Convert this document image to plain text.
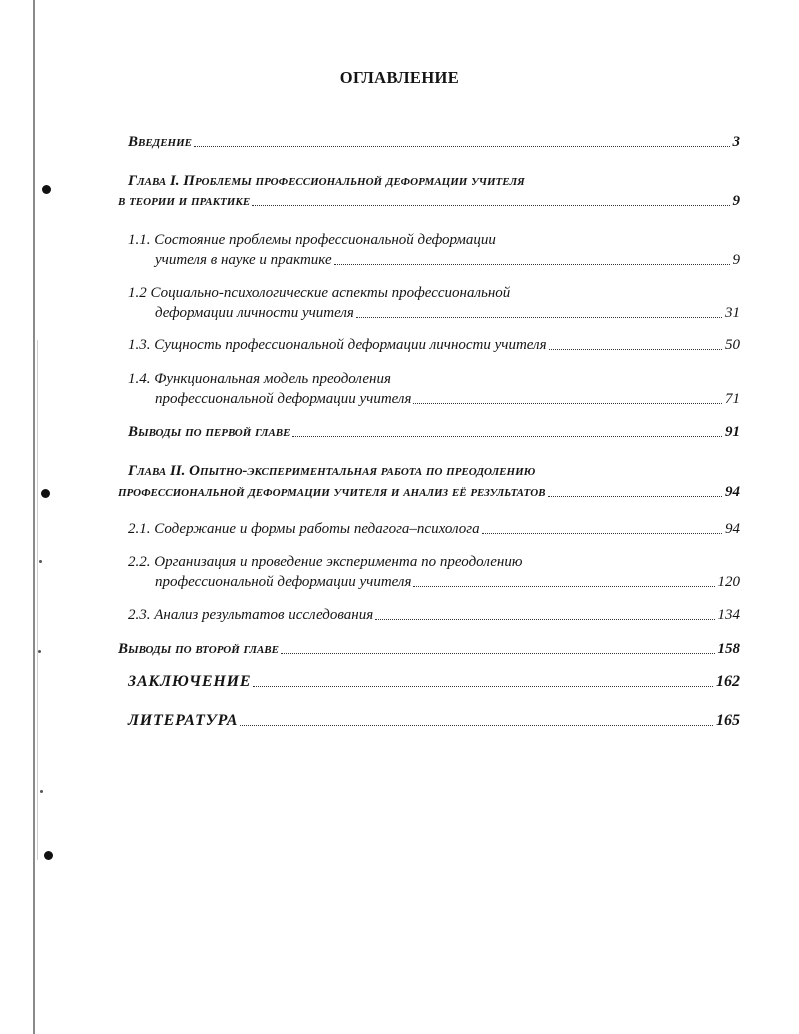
ОГЛАВЛЕНИЕ
Введение	3
Глава I. Проблемы профессиональной деформации учителя
в теории и практике	9
1.1. Состояние проблемы профессиональной деформации
учителя в науке и практике	9
1.2 Социально-психологические аспекты профессиональной
деформации личности учителя	31
1.3. Сущность профессиональной деформации личности учителя	50
1.4. Функциональная модель преодоления
профессиональной деформации учителя	71
Выводы по первой главе	91
Глава II. Опытно-экспериментальная работа по преодолению
профессиональной деформации учителя и анализ её результатов	94
2.1. Содержание и формы работы педагога–психолога	94
2.2. Организация и проведение эксперимента по преодолению
профессиональной деформации учителя	120
2.3. Анализ результатов исследования	134
Выводы по второй главе	158
ЗАКЛЮЧЕНИЕ	162
ЛИТЕРАТУРА	165
